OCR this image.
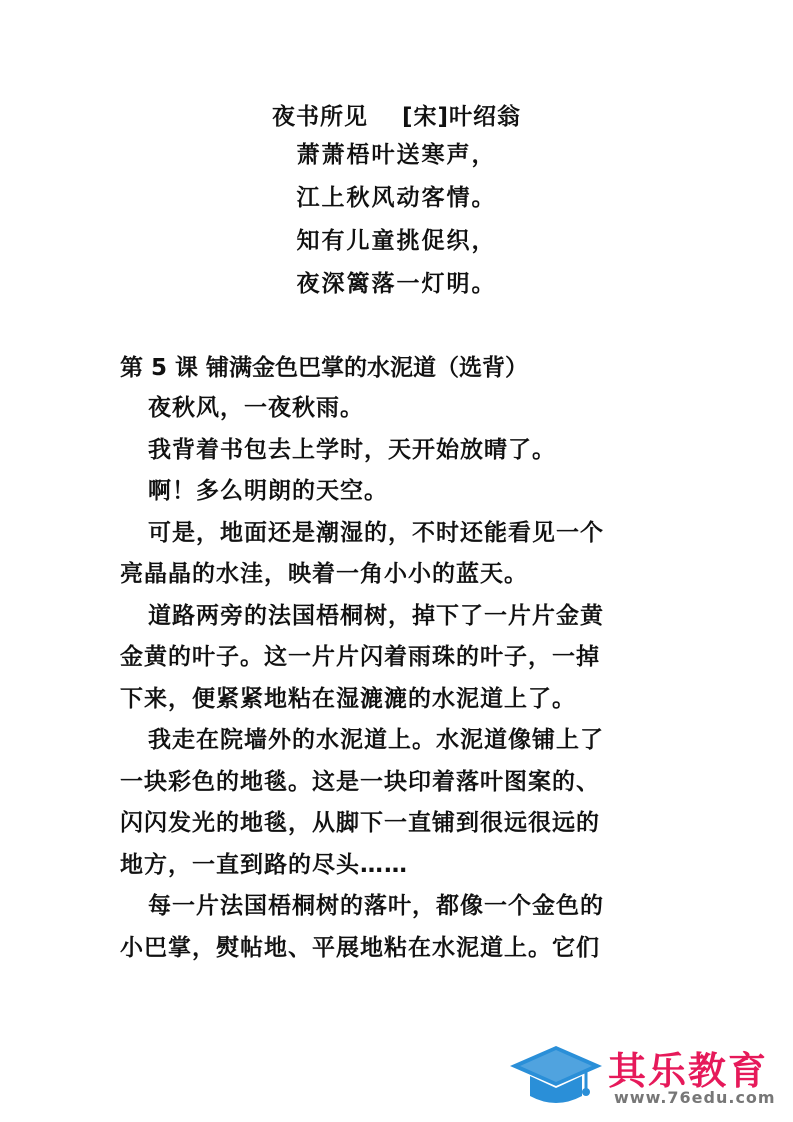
夜书所见 [宋]叶绍翁
萧萧梧叶送寒声，
江上秋风动客情。
知有儿童挑促织，
夜深篱落一灯明。
第 5 课 铺满金色巴掌的水泥道（选背）
夜秋风，一夜秋雨。
我背着书包去上学时，天开始放晴了。
啊！多么明朗的天空。
可是，地面还是潮湿的，不时还能看见一个
亮晶晶的水洼，映着一角小小的蓝天。
道路两旁的法国梧桐树，掉下了一片片金黄
金黄的叶子。这一片片闪着雨珠的叶子，一掉
下来，便紧紧地粘在湿漉漉的水泥道上了。
我走在院墙外的水泥道上。水泥道像铺上了
一块彩色的地毯。这是一块印着落叶图案的、
闪闪发光的地毯，从脚下一直铺到很远很远的
地方，一直到路的尽头……
每一片法国梧桐树的落叶，都像一个金色的
小巴掌，熨帖地、平展地粘在水泥道上。它们
其乐教育
www.76edu.com
